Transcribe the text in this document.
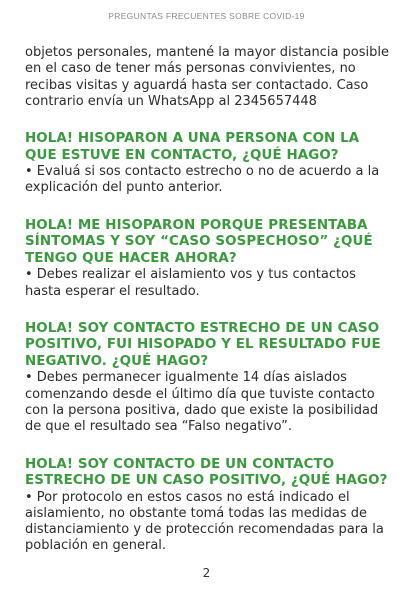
PREGUNTAS FRECUENTES SOBRE COVID-19

objetos personales, mantené la mayor distancia posible en el caso de tener más personas convivientes, no recibas visitas y aguardá hasta ser contactado. Caso contrario envía un WhatsApp al 2345657448

HOLA! HISOPARON A UNA PERSONA CON LA QUE ESTUVE EN CONTACTO, ¿QUÉ HAGO?

• Evaluá si sos contacto estrecho o no de acuerdo a la explicación del punto anterior.

HOLA! ME HISOPARON PORQUE PRESENTABA SÍNTOMAS Y SOY “CASO SOSPECHOSO” ¿QUÉ TENGO QUE HACER AHORA?

• Debes realizar el aislamiento vos y tus contactos hasta esperar el resultado.

HOLA! SOY CONTACTO ESTRECHO DE UN CASO POSITIVO, FUI HISOPADO Y EL RESULTADO FUE NEGATIVO. ¿QUÉ HAGO?

• Debes permanecer igualmente 14 días aislados comenzando desde el último día que tuviste contacto con la persona positiva, dado que existe la posibilidad de que el resultado sea “Falso negativo”.

HOLA! SOY CONTACTO DE UN CONTACTO ESTRECHO DE UN CASO POSITIVO, ¿QUÉ HAGO?

• Por protocolo en estos casos no está indicado el aislamiento, no obstante tomá todas las medidas de distanciamiento y de protección recomendadas para la población en general.

2
